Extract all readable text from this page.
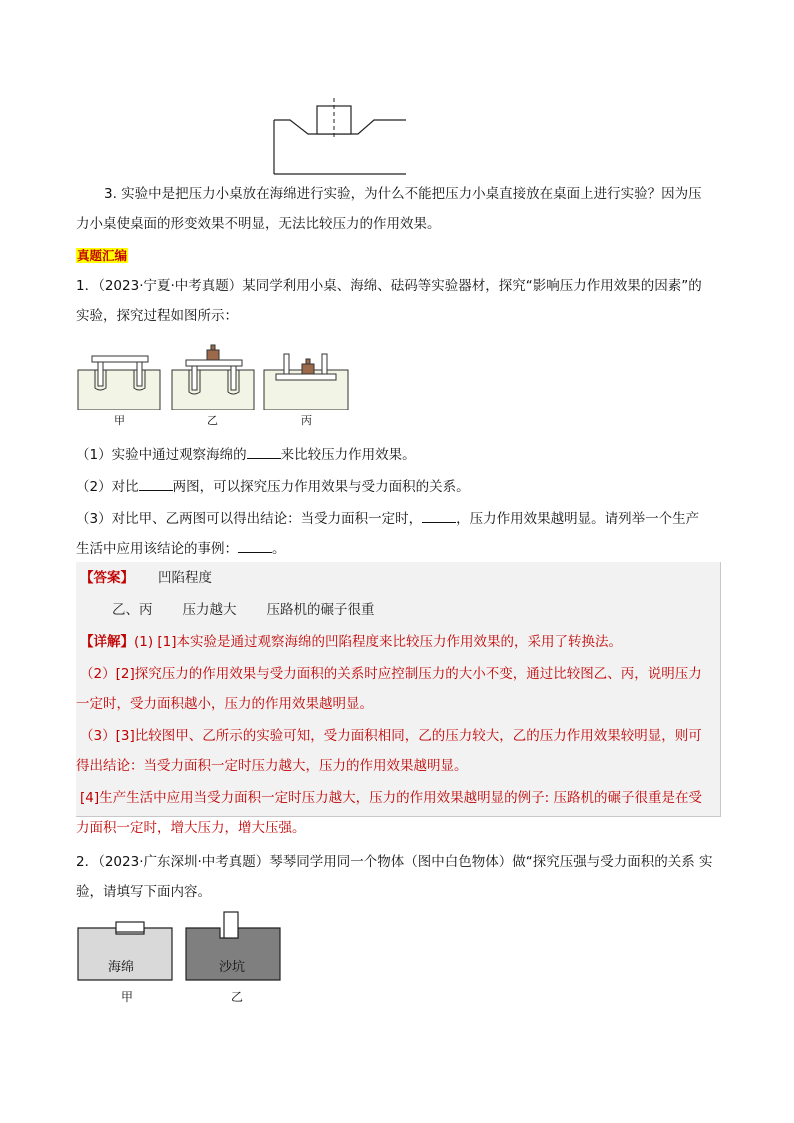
3. 实验中是把压力小桌放在海绵进行实验，为什么不能把压力小桌直接放在桌面上进行实验？因为压
力小桌使桌面的形变效果不明显，无法比较压力的作用效果。
真题汇编
1．（2023·宁夏·中考真题）某同学利用小桌、海绵、砝码等实验器材，探究“影响压力作用效果的因素”的
实验，探究过程如图所示：
甲	乙	丙
（1）实验中通过观察海绵的	来比较压力作用效果。
（2）对比	两图，可以探究压力作用效果与受力面积的关系。
（3）对比甲、乙两图可以得出结论：当受力面积一定时，	，压力作用效果越明显。请列举一个生产
生活中应用该结论的事例：	。
【答案】 凹陷程度
乙、丙 压力越大 压路机的碾子很重
【详解】(1) [1]本实验是通过观察海绵的凹陷程度来比较压力作用效果的，采用了转换法。
（2）[2]探究压力的作用效果与受力面积的关系时应控制压力的大小不变，通过比较图乙、丙，说明压力
一定时，受力面积越小，压力的作用效果越明显。
（3）[3]比较图甲、乙所示的实验可知，受力面积相同，乙的压力较大，乙的压力作用效果较明显，则可
得出结论：当受力面积一定时压力越大，压力的作用效果越明显。
[4]生产生活中应用当受力面积一定时压力越大，压力的作用效果越明显的例子: 压路机的碾子很重是在受
力面积一定时，增大压力，增大压强。
2．（2023·广东深圳·中考真题）琴琴同学用同一个物体（图中白色物体）做“探究压强与受力面积的关系 实
验，请填写下面内容。
海绵	沙坑
甲	乙
